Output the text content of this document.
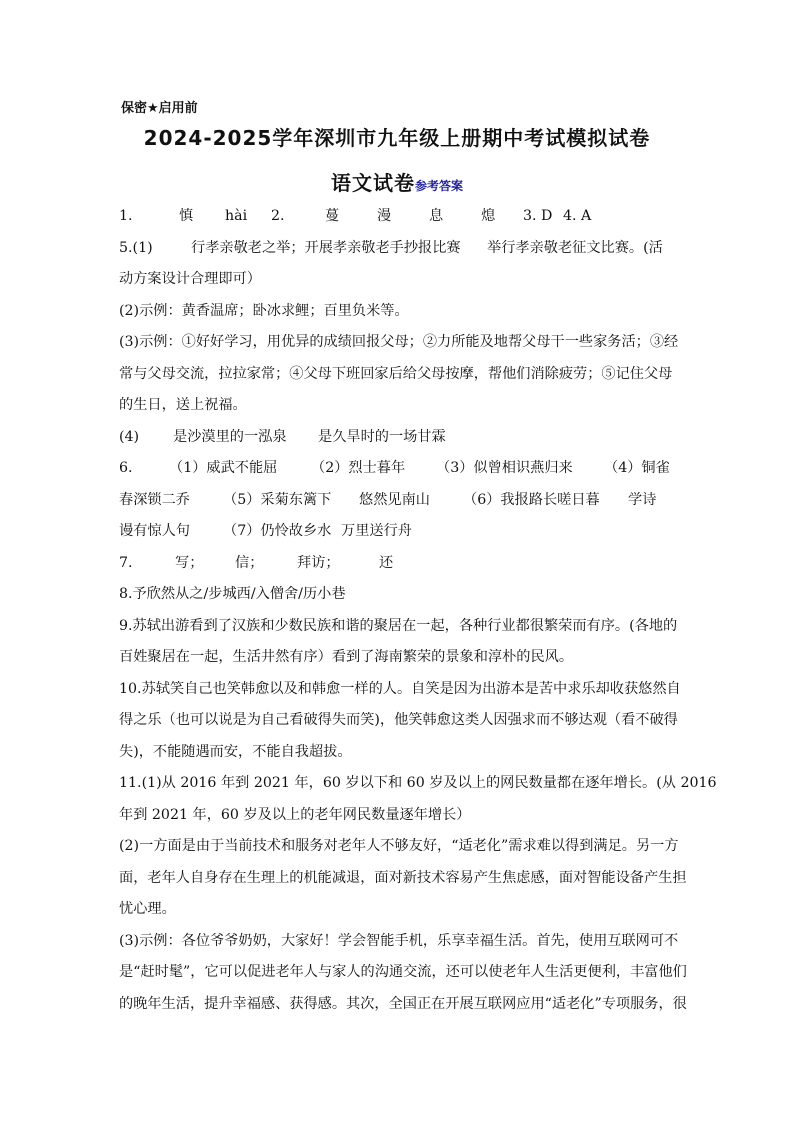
保密★启用前
2024-2025学年深圳市九年级上册期中考试模拟试卷
语文试卷参考答案
1.	慎	hài	2.	蔓	漫	息	熄	3. D 4. A
5.(1)	行孝亲敬老之举；开展孝亲敬老手抄报比赛	举行孝亲敬老征文比赛。(活
动方案设计合理即可）
(2)示例：黄香温席；卧冰求鲤；百里负米等。
(3)示例：①好好学习，用优异的成绩回报父母；②力所能及地帮父母干一些家务活；③经
常与父母交流，拉拉家常；④父母下班回家后给父母按摩，帮他们消除疲劳；⑤记住父母
的生日，送上祝福。
(4)	是沙漠里的一泓泉	是久旱时的一场甘霖
6.	（1）威武不能屈	（2）烈士暮年	（3）似曾相识燕归来	（4）铜雀
春深锁二乔	（5）采菊东篱下	悠然见南山	（6）我报路长嗟日暮	学诗
谩有惊人句	（7）仍怜故乡水 万里送行舟
7.	写；	信；	拜访；	还
8.予欣然从之/步城西/入僧舍/历小巷
9.苏轼出游看到了汉族和少数民族和谐的聚居在一起，各种行业都很繁荣而有序。(各地的
百姓聚居在一起，生活井然有序）看到了海南繁荣的景象和淳朴的民风。
10.苏轼笑自己也笑韩愈以及和韩愈一样的人。自笑是因为出游本是苦中求乐却收获悠然自
得之乐（也可以说是为自己看破得失而笑)，他笑韩愈这类人因强求而不够达观（看不破得
失)，不能随遇而安，不能自我超拔。
11.(1)从 2016 年到 2021 年，60 岁以下和 60 岁及以上的网民数量都在逐年增长。(从 2016
年到 2021 年，60 岁及以上的老年网民数量逐年增长）
(2)一方面是由于当前技术和服务对老年人不够友好，“适老化”需求难以得到满足。另一方
面，老年人自身存在生理上的机能减退，面对新技术容易产生焦虑感，面对智能设备产生担
忧心理。
(3)示例：各位爷爷奶奶，大家好！学会智能手机，乐享幸福生活。首先，使用互联网可不
是“赶时髦”，它可以促进老年人与家人的沟通交流，还可以使老年人生活更便利，丰富他们
的晚年生活，提升幸福感、获得感。其次，全国正在开展互联网应用“适老化”专项服务，很
